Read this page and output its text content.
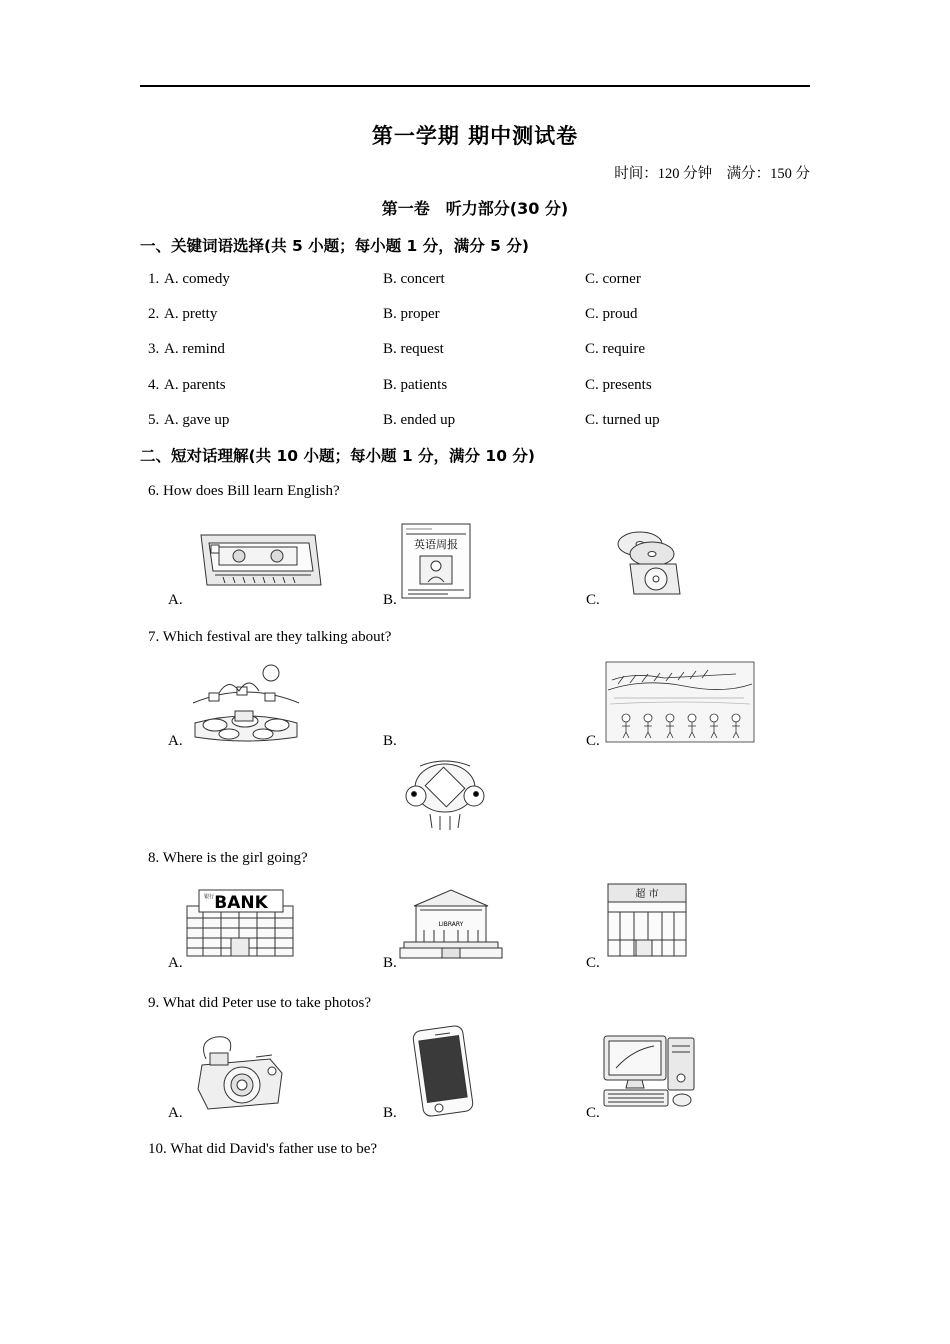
第一学期 期中测试卷
时间：120 分钟　满分：150 分
第一卷　听力部分(30 分)
一、关键词语选择(共 5 小题；每小题 1 分，满分 5 分)
1. A. comedy	B. concert	C. corner
2. A. pretty	B. proper	C. proud
3. A. remind	B. request	C. require
4. A. parents	B. patients	C. presents
5. A. gave up	B. ended up	C. turned up
二、短对话理解(共 10 小题；每小题 1 分，满分 10 分)
6. How does Bill learn English?
英语周报
A.	B.	C.
7. Which festival are they talking about?
A.	B.	C.
8. Where is the girl going?
BANK
银行
LIBRARY
超 市
A.	B.	C.
9. What did Peter use to take photos?
A.	B.	C.
10. What did David's father use to be?
